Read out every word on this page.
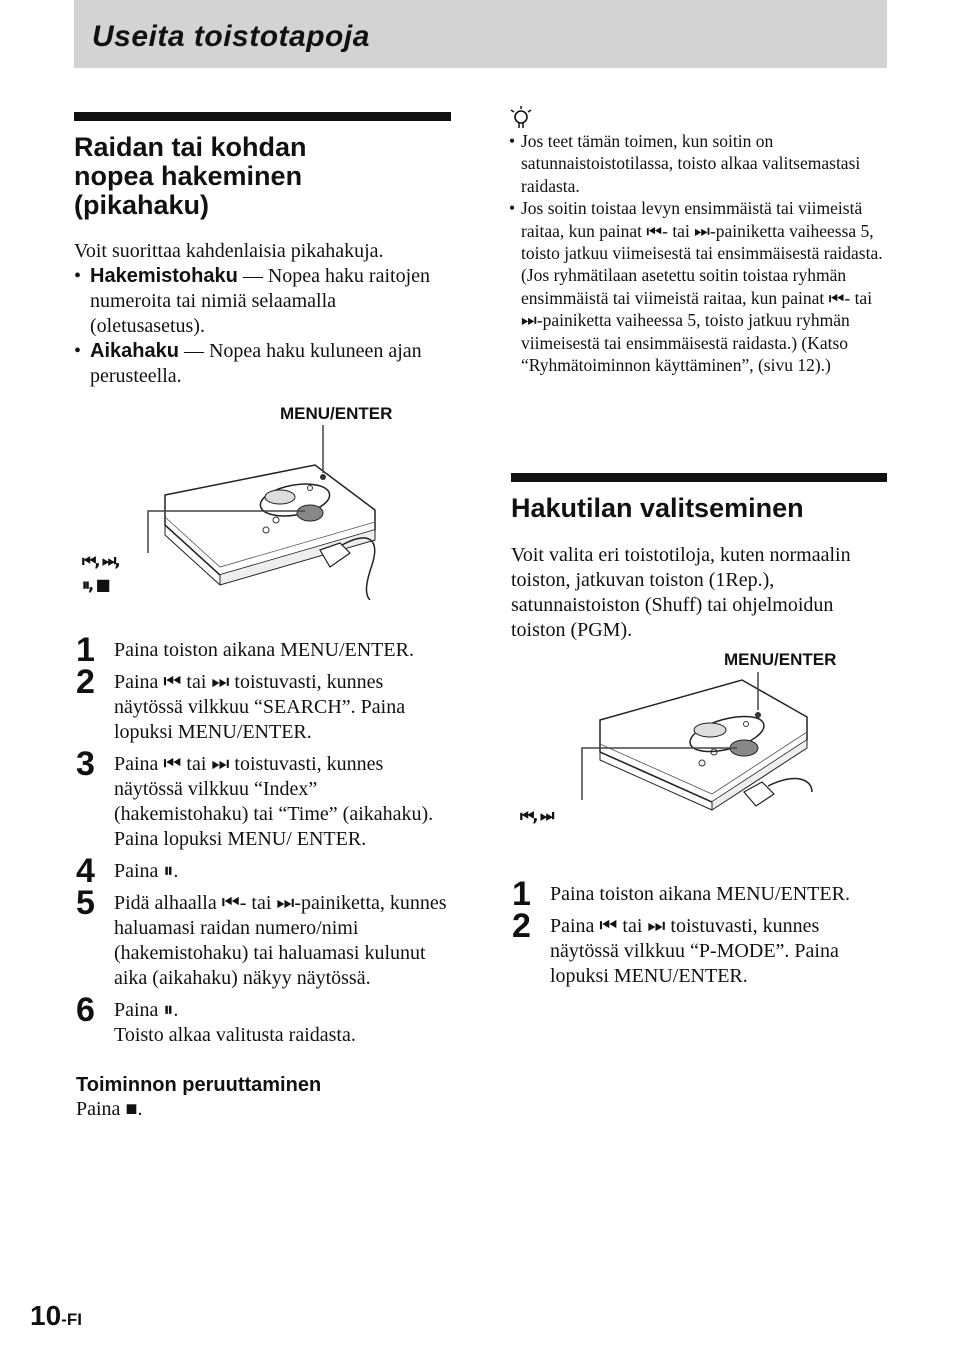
Useita toistotapoja
Raidan tai kohdan
nopea hakeminen
(pikahaku)

Voit suorittaa kahdenlaisia pikahakuja.

• Hakemistohaku — Nopea haku raitojen numeroita tai nimiä selaamalla (oletusasetus).
• Aikahaku — Nopea haku kuluneen ajan perusteella.
MENU/ENTER
⏮, ⏭,
⏸, ■
1 Paina toiston aikana MENU/ENTER.
2 Paina ⏮ tai ⏭ toistuvasti, kunnes näytössä vilkkuu “SEARCH”. Paina lopuksi MENU/ENTER.
3 Paina ⏮ tai ⏭ toistuvasti, kunnes näytössä vilkkuu “Index” (hakemistohaku) tai “Time” (aikahaku). Paina lopuksi MENU/ ENTER.
4 Paina ⏸.
5 Pidä alhaalla ⏮- tai ⏭-painiketta, kunnes haluamasi raidan numero/nimi (hakemistohaku) tai haluamasi kulunut aika (aikahaku) näkyy näytössä.
6 Paina ⏸.
Toisto alkaa valitusta raidasta.
Toiminnon peruuttaminen
Paina ■.
• Jos teet tämän toimen, kun soitin on satunnaistoistotilassa, toisto alkaa valitsemastasi raidasta.
• Jos soitin toistaa levyn ensimmäistä tai viimeistä raitaa, kun painat ⏮- tai ⏭-painiketta vaiheessa 5, toisto jatkuu viimeisestä tai ensimmäisestä raidasta. (Jos ryhmätilaan asetettu soitin toistaa ryhmän ensimmäistä tai viimeistä raitaa, kun painat ⏮- tai ⏭-painiketta vaiheessa 5, toisto jatkuu ryhmän viimeisestä tai ensimmäisestä raidasta.) (Katso “Ryhmätoiminnon käyttäminen”, (sivu 12).)
Hakutilan valitseminen

Voit valita eri toistotiloja, kuten normaalin toiston, jatkuvan toiston (1Rep.), satunnaistoiston (Shuff) tai ohjelmoidun toiston (PGM).

MENU/ENTER
⏮, ⏭
1 Paina toiston aikana MENU/ENTER.
2 Paina ⏮ tai ⏭ toistuvasti, kunnes näytössä vilkkuu “P-MODE”. Paina lopuksi MENU/ENTER.
10-FI
